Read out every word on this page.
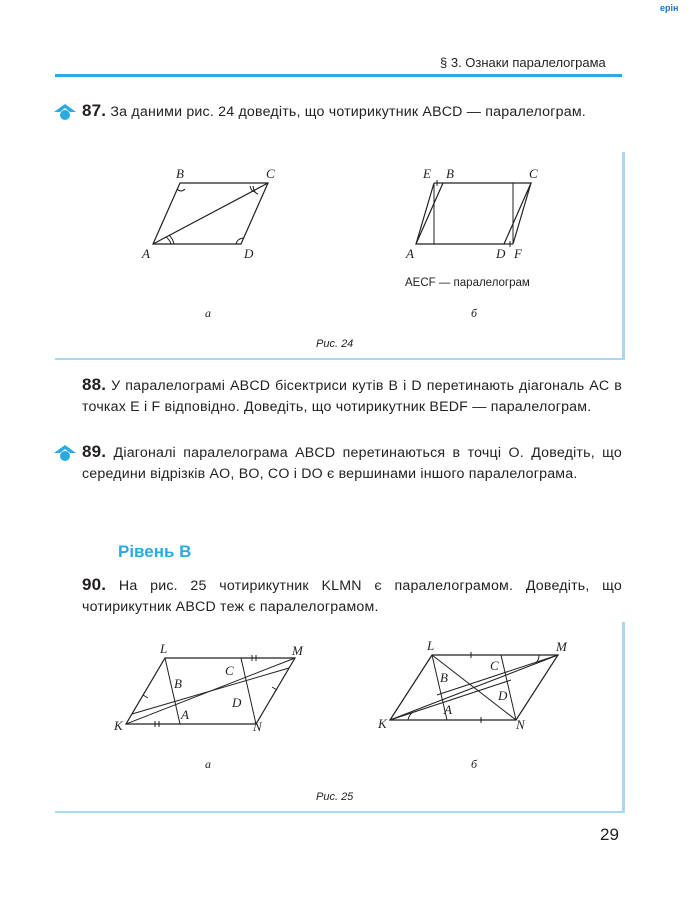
ерін
§ 3. Ознаки паралелограма
87. За даними рис. 24 доведіть, що чотирикутник ABCD — паралелограм.
A
B	C
D
а
A
E B	C
D F
AECF — паралелограм
б
Рис. 24
88. У паралелограмі ABCD бісектриси кутів B і D перетинають діагональ AC в точках E і F відповідно. Доведіть, що чотирикутник BEDF — паралелограм.
89. Діагоналі паралелограма ABCD перетинаються в точці O. Доведіть, що середини відрізків AO, BO, CO і DO є вершинами іншого паралелограма.
Рівень В
90. На рис. 25 чотирикутник KLMN є паралелограмом. Доведіть, що чотирикутник ABCD теж є паралелограмом.
K
L	M
N
A
B
C
D
а
K
L	M
N
A
B
C
D
б
Рис. 25
29
